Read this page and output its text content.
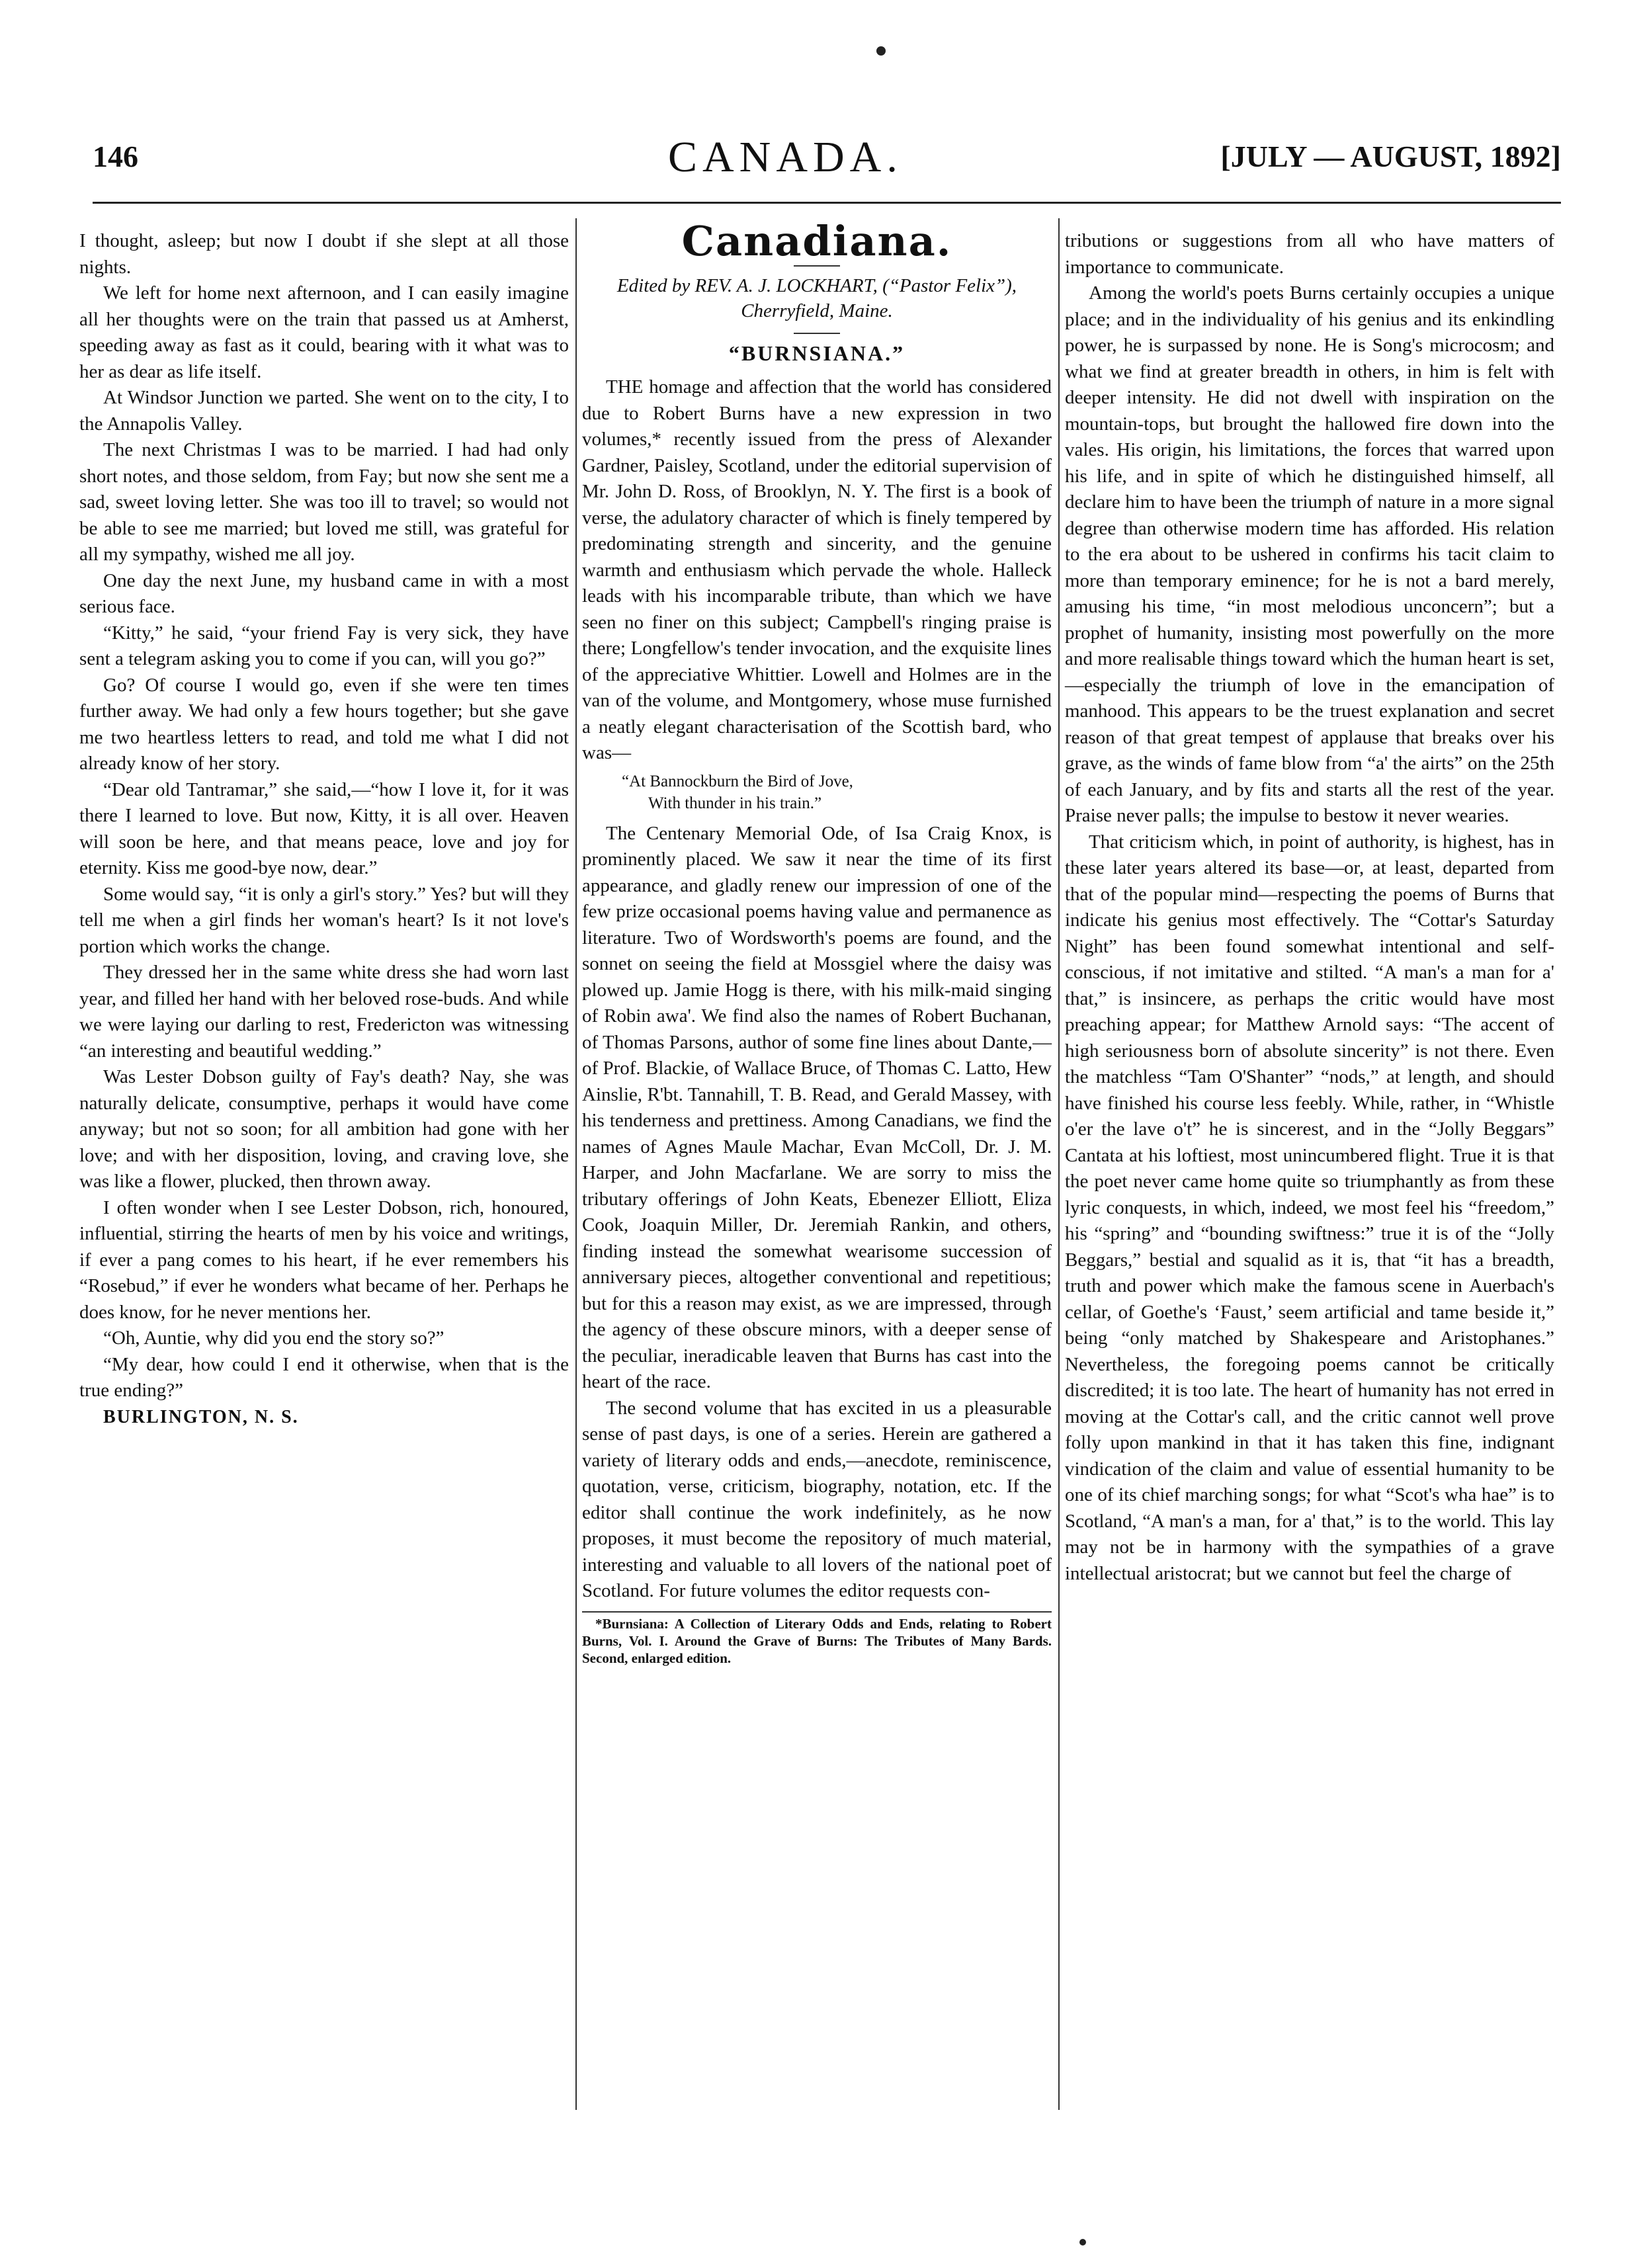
146	CANADA.	[JULY — AUGUST, 1892]

I thought, asleep; but now I doubt if she slept at all those nights.

We left for home next afternoon, and I can easily imagine all her thoughts were on the train that passed us at Amherst, speeding away as fast as it could, bearing with it what was to her as dear as life itself.

At Windsor Junction we parted. She went on to the city, I to the Annapolis Valley.

The next Christmas I was to be married. I had had only short notes, and those seldom, from Fay; but now she sent me a sad, sweet loving letter. She was too ill to travel; so would not be able to see me married; but loved me still, was grateful for all my sympathy, wished me all joy.

One day the next June, my husband came in with a most serious face.

“Kitty,” he said, “your friend Fay is very sick, they have sent a telegram asking you to come if you can, will you go?”

Go? Of course I would go, even if she were ten times further away. We had only a few hours together; but she gave me two heartless letters to read, and told me what I did not already know of her story.

“Dear old Tantramar,” she said,—“how I love it, for it was there I learned to love. But now, Kitty, it is all over. Heaven will soon be here, and that means peace, love and joy for eternity. Kiss me good-bye now, dear.”

Some would say, “it is only a girl's story.” Yes? but will they tell me when a girl finds her woman's heart? Is it not love's portion which works the change.

They dressed her in the same white dress she had worn last year, and filled her hand with her beloved rose-buds. And while we were laying our darling to rest, Fredericton was witnessing “an interesting and beautiful wedding.”

Was Lester Dobson guilty of Fay's death? Nay, she was naturally delicate, consumptive, perhaps it would have come anyway; but not so soon; for all ambition had gone with her love; and with her disposition, loving, and craving love, she was like a flower, plucked, then thrown away.

I often wonder when I see Lester Dobson, rich, honoured, influential, stirring the hearts of men by his voice and writings, if ever a pang comes to his heart, if he ever remembers his “Rosebud,” if ever he wonders what became of her. Perhaps he does know, for he never mentions her.

“Oh, Auntie, why did you end the story so?”

“My dear, how could I end it otherwise, when that is the true ending?”

BURLINGTON, N. S.

Canadiana.
Edited by REV. A. J. LOCKHART, (“Pastor Felix”), Cherryfield, Maine.
“BURNSIANA.”

THE homage and affection that the world has considered due to Robert Burns have a new expression in two volumes,* recently issued from the press of Alexander Gardner, Paisley, Scotland, under the editorial supervision of Mr. John D. Ross, of Brooklyn, N. Y. The first is a book of verse, the adulatory character of which is finely tempered by predominating strength and sincerity, and the genuine warmth and enthusiasm which pervade the whole. Halleck leads with his incomparable tribute, than which we have seen no finer on this subject; Campbell's ringing praise is there; Longfellow's tender invocation, and the exquisite lines of the appreciative Whittier. Lowell and Holmes are in the van of the volume, and Montgomery, whose muse furnished a neatly elegant characterisation of the Scottish bard, who was—

“At Bannockburn the Bird of Jove,
With thunder in his train.”

The Centenary Memorial Ode, of Isa Craig Knox, is prominently placed. We saw it near the time of its first appearance, and gladly renew our impression of one of the few prize occasional poems having value and permanence as literature. Two of Wordsworth's poems are found, and the sonnet on seeing the field at Mossgiel where the daisy was plowed up. Jamie Hogg is there, with his milk-maid singing of Robin awa'. We find also the names of Robert Buchanan, of Thomas Parsons, author of some fine lines about Dante,—of Prof. Blackie, of Wallace Bruce, of Thomas C. Latto, Hew Ainslie, R'bt. Tannahill, T. B. Read, and Gerald Massey, with his tenderness and prettiness. Among Canadians, we find the names of Agnes Maule Machar, Evan McColl, Dr. J. M. Harper, and John Macfarlane. We are sorry to miss the tributary offerings of John Keats, Ebenezer Elliott, Eliza Cook, Joaquin Miller, Dr. Jeremiah Rankin, and others, finding instead the somewhat wearisome succession of anniversary pieces, altogether conventional and repetitious; but for this a reason may exist, as we are impressed, through the agency of these obscure minors, with a deeper sense of the peculiar, ineradicable leaven that Burns has cast into the heart of the race.

The second volume that has excited in us a pleasurable sense of past days, is one of a series. Herein are gathered a variety of literary odds and ends,—anecdote, reminiscence, quotation, verse, criticism, biography, notation, etc. If the editor shall continue the work indefinitely, as he now proposes, it must become the repository of much material, interesting and valuable to all lovers of the national poet of Scotland. For future volumes the editor requests con-

*Burnsiana: A Collection of Literary Odds and Ends, relating to Robert Burns, Vol. I. Around the Grave of Burns: The Tributes of Many Bards. Second, enlarged edition.

tributions or suggestions from all who have matters of importance to communicate.

Among the world's poets Burns certainly occupies a unique place; and in the individuality of his genius and its enkindling power, he is surpassed by none. He is Song's microcosm; and what we find at greater breadth in others, in him is felt with deeper intensity. He did not dwell with inspiration on the mountain-tops, but brought the hallowed fire down into the vales. His origin, his limitations, the forces that warred upon his life, and in spite of which he distinguished himself, all declare him to have been the triumph of nature in a more signal degree than otherwise modern time has afforded. His relation to the era about to be ushered in confirms his tacit claim to more than temporary eminence; for he is not a bard merely, amusing his time, “in most melodious unconcern”; but a prophet of humanity, insisting most powerfully on the more and more realisable things toward which the human heart is set,—especially the triumph of love in the emancipation of manhood. This appears to be the truest explanation and secret reason of that great tempest of applause that breaks over his grave, as the winds of fame blow from “a' the airts” on the 25th of each January, and by fits and starts all the rest of the year. Praise never palls; the impulse to bestow it never wearies.

That criticism which, in point of authority, is highest, has in these later years altered its base—or, at least, departed from that of the popular mind—respecting the poems of Burns that indicate his genius most effectively. The “Cottar's Saturday Night” has been found somewhat intentional and self-conscious, if not imitative and stilted. “A man's a man for a' that,” is insincere, as perhaps the critic would have most preaching appear; for Matthew Arnold says: “The accent of high seriousness born of absolute sincerity” is not there. Even the matchless “Tam O'Shanter” “nods,” at length, and should have finished his course less feebly. While, rather, in “Whistle o'er the lave o't” he is sincerest, and in the “Jolly Beggars” Cantata at his loftiest, most unincumbered flight. True it is that the poet never came home quite so triumphantly as from these lyric conquests, in which, indeed, we most feel his “freedom,” his “spring” and “bounding swiftness:” true it is of the “Jolly Beggars,” bestial and squalid as it is, that “it has a breadth, truth and power which make the famous scene in Auerbach's cellar, of Goethe's ‘Faust,’ seem artificial and tame beside it,” being “only matched by Shakespeare and Aristophanes.” Nevertheless, the foregoing poems cannot be critically discredited; it is too late. The heart of humanity has not erred in moving at the Cottar's call, and the critic cannot well prove folly upon mankind in that it has taken this fine, indignant vindication of the claim and value of essential humanity to be one of its chief marching songs; for what “Scot's wha hae” is to Scotland, “A man's a man, for a' that,” is to the world. This lay may not be in harmony with the sympathies of a grave intellectual aristocrat; but we cannot but feel the charge of
